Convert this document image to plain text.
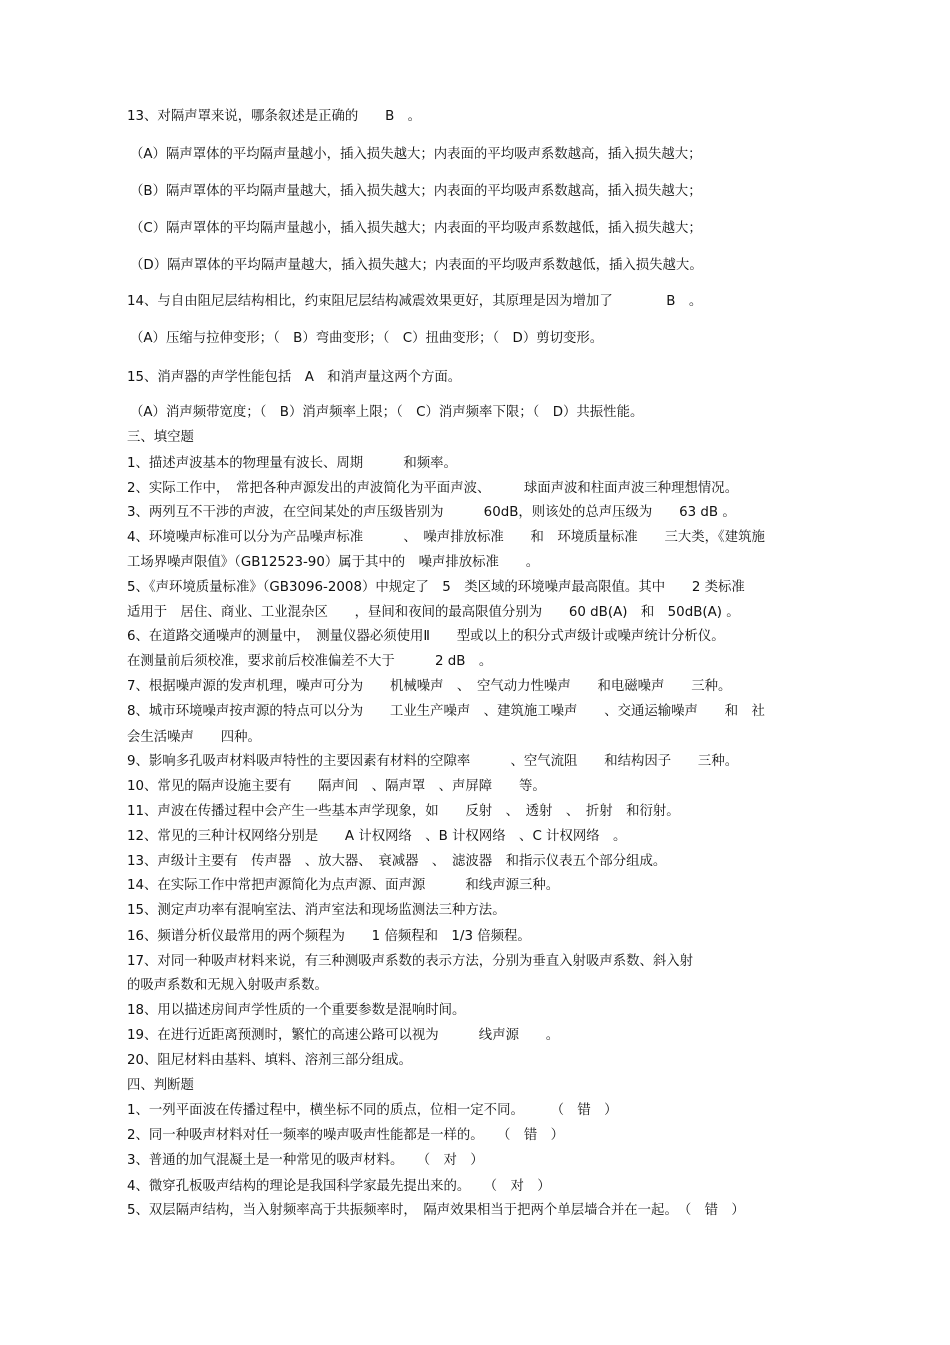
13、对隔声罩来说，哪条叙述是正确的　　B　。
（A）隔声罩体的平均隔声量越小，插入损失越大；内表面的平均吸声系数越高，插入损失越大；
（B）隔声罩体的平均隔声量越大，插入损失越大；内表面的平均吸声系数越高，插入损失越大；
（C）隔声罩体的平均隔声量越小，插入损失越大；内表面的平均吸声系数越低，插入损失越大；
（D）隔声罩体的平均隔声量越大，插入损失越大；内表面的平均吸声系数越低，插入损失越大。
14、与自由阻尼层结构相比，约束阻尼层结构减震效果更好，其原理是因为增加了　　　　B　。
（A）压缩与拉伸变形；（　B）弯曲变形；（　C）扭曲变形；（　D）剪切变形。
15、消声器的声学性能包括　A　和消声量这两个方面。
（A）消声频带宽度；（　B）消声频率上限；（　C）消声频率下限；（　D）共振性能。
三、填空题
1、描述声波基本的物理量有波长、周期　　　和频率。
2、实际工作中，　常把各种声源发出的声波简化为平面声波、　　　球面声波和柱面声波三种理想情况。
3、两列互不干涉的声波，在空间某处的声压级皆别为　　　60dB，则该处的总声压级为　　63 dB 。
4、环境噪声标准可以分为产品噪声标准　　　、　噪声排放标准　　和　环境质量标准　　三大类，《建筑施
工场界噪声限值》（GB12523-90）属于其中的　噪声排放标准　　。
5、《声环境质量标准》（GB3096-2008）中规定了　5　类区域的环境噪声最高限值。其中　　2 类标准
适用于　居住、商业、工业混杂区　　，昼间和夜间的最高限值分别为　　60 dB(A)　和　50dB(A) 。
6、在道路交通噪声的测量中，　测量仪器必须使用Ⅱ　　型或以上的积分式声级计或噪声统计分析仪。
在测量前后须校准，要求前后校准偏差不大于　　　2 dB　。
7、根据噪声源的发声机理，噪声可分为　　机械噪声　、　空气动力性噪声　　和电磁噪声　　三种。
8、城市环境噪声按声源的特点可以分为　　工业生产噪声　、建筑施工噪声　　、交通运输噪声　　和　社
会生活噪声　　四种。
9、影响多孔吸声材料吸声特性的主要因素有材料的空隙率　　　、空气流阻　　和结构因子　　三种。
10、常见的隔声设施主要有　　隔声间　、隔声罩　、声屏障　　等。
11、声波在传播过程中会产生一些基本声学现象，如　　反射　、　透射　、　折射　和衍射。
12、常见的三种计权网络分别是　　A 计权网络　、B 计权网络　、C 计权网络　。
13、声级计主要有　传声器　、放大器、　衰减器　、　滤波器　和指示仪表五个部分组成。
14、在实际工作中常把声源简化为点声源、面声源　　　和线声源三种。
15、测定声功率有混响室法、消声室法和现场监测法三种方法。
16、频谱分析仪最常用的两个频程为　　1 倍频程和　1/3 倍频程。
17、对同一种吸声材料来说，有三种测吸声系数的表示方法，分别为垂直入射吸声系数、斜入射　　　　
的吸声系数和无规入射吸声系数。
18、用以描述房间声学性质的一个重要参数是混响时间。
19、在进行近距离预测时，繁忙的高速公路可以视为　　　线声源　　。
20、阻尼材料由基料、填料、溶剂三部分组成。
四、判断题
1、一列平面波在传播过程中，横坐标不同的质点，位相一定不同。　　　（　错　）
2、同一种吸声材料对任一频率的噪声吸声性能都是一样的。　　（　错　）
3、普通的加气混凝土是一种常见的吸声材料。　　（　对　）
4、微穿孔板吸声结构的理论是我国科学家最先提出来的。　　（　对　）
5、双层隔声结构，当入射频率高于共振频率时，　隔声效果相当于把两个单层墙合并在一起。　（　错　）
